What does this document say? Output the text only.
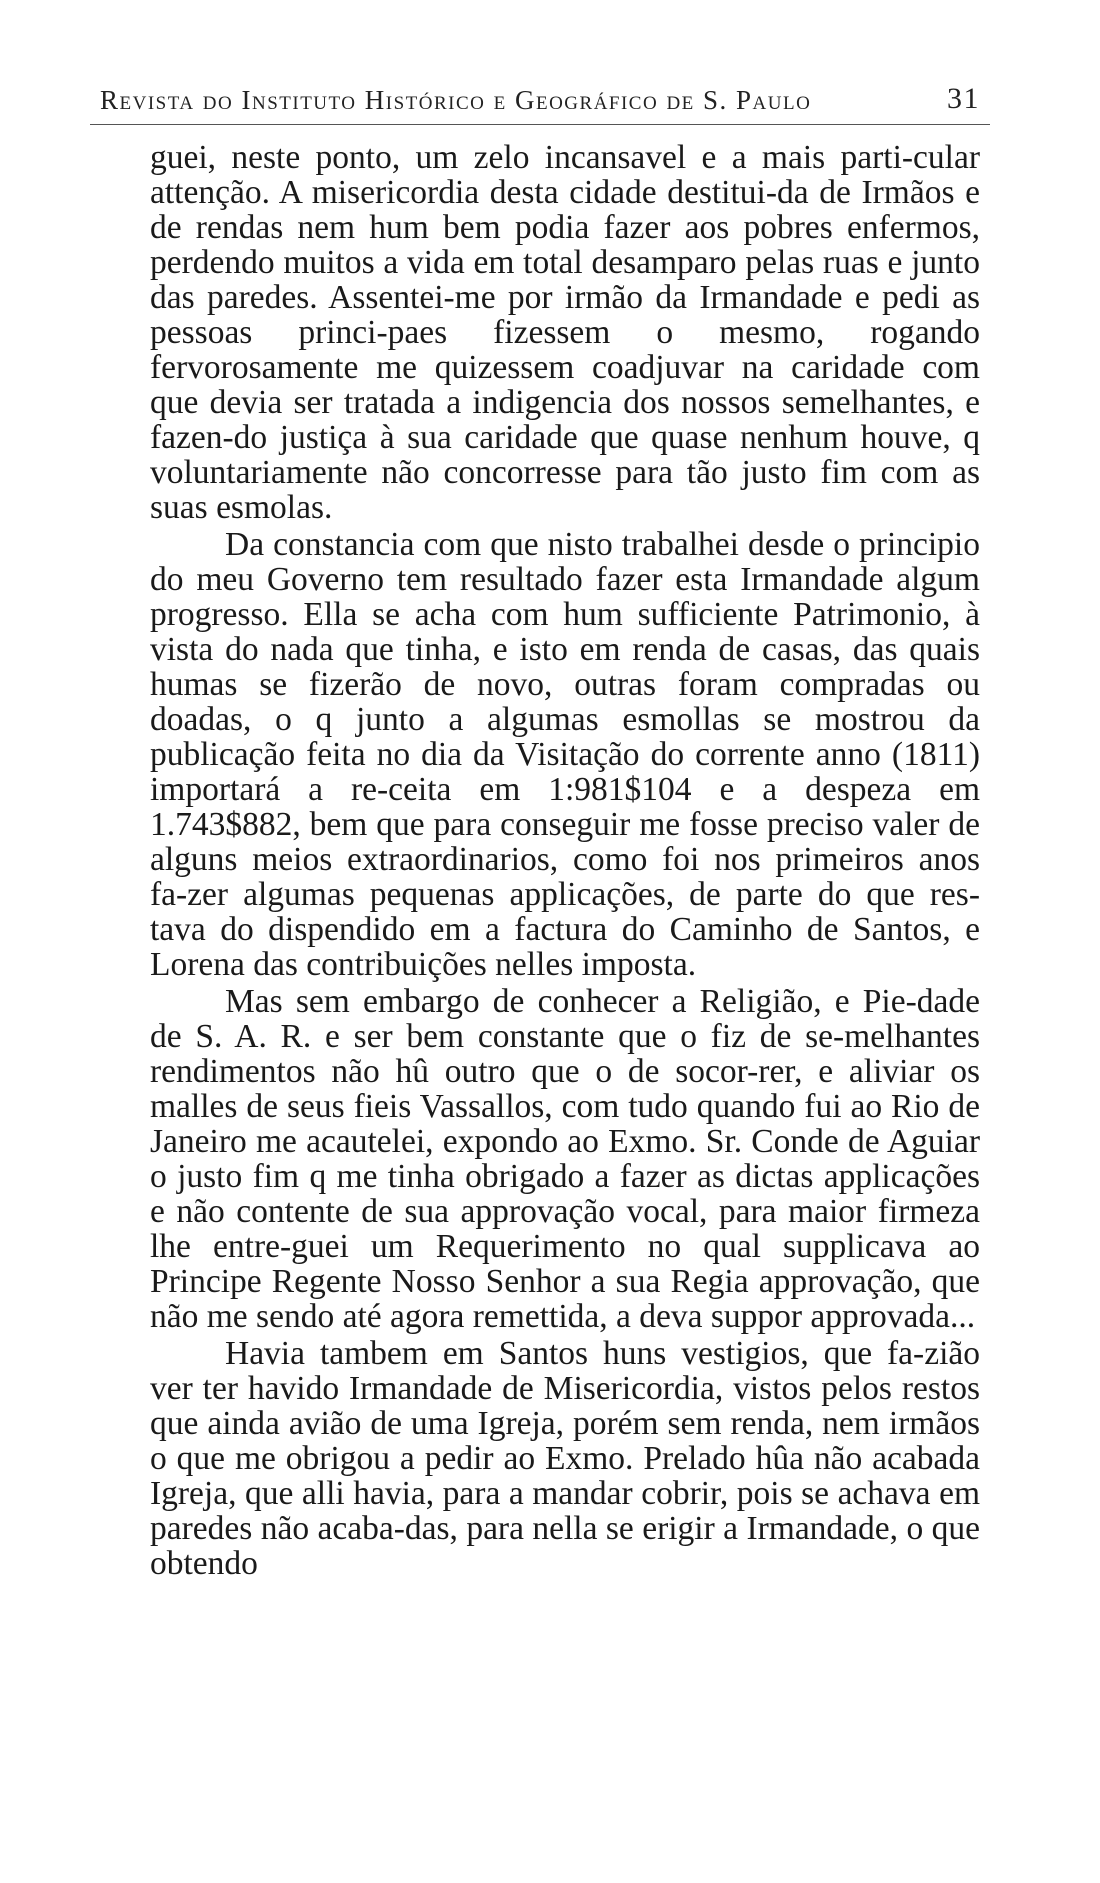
Revista do Instituto Histórico e Geográfico de S. Paulo	31

guei, neste ponto, um zelo incansavel e a mais parti-cular attenção. A misericordia desta cidade destitui-da de Irmãos e de rendas nem hum bem podia fazer aos pobres enfermos, perdendo muitos a vida em total desamparo pelas ruas e junto das paredes. Assentei-me por irmão da Irmandade e pedi as pessoas princi-paes fizessem o mesmo, rogando fervorosamente me quizessem coadjuvar na caridade com que devia ser tratada a indigencia dos nossos semelhantes, e fazen-do justiça à sua caridade que quase nenhum houve, q voluntariamente não concorresse para tão justo fim com as suas esmolas.

Da constancia com que nisto trabalhei desde o principio do meu Governo tem resultado fazer esta Irmandade algum progresso. Ella se acha com hum sufficiente Patrimonio, à vista do nada que tinha, e isto em renda de casas, das quais humas se fizerão de novo, outras foram compradas ou doadas, o q junto a algumas esmollas se mostrou da publicação feita no dia da Visitação do corrente anno (1811) importará a re-ceita em 1:981$104 e a despeza em 1.743$882, bem que para conseguir me fosse preciso valer de alguns meios extraordinarios, como foi nos primeiros anos fa-zer algumas pequenas applicações, de parte do que res-tava do dispendido em a factura do Caminho de Santos, e Lorena das contribuições nelles imposta.

Mas sem embargo de conhecer a Religião, e Pie-dade de S. A. R. e ser bem constante que o fiz de se-melhantes rendimentos não hû outro que o de socor-rer, e aliviar os malles de seus fieis Vassallos, com tudo quando fui ao Rio de Janeiro me acautelei, expondo ao Exmo. Sr. Conde de Aguiar o justo fim q me tinha obrigado a fazer as dictas applicações e não contente de sua approvação vocal, para maior firmeza lhe entre-guei um Requerimento no qual supplicava ao Principe Regente Nosso Senhor a sua Regia approvação, que não me sendo até agora remettida, a deva suppor approvada...

Havia tambem em Santos huns vestigios, que fa-zião ver ter havido Irmandade de Misericordia, vistos pelos restos que ainda avião de uma Igreja, porém sem renda, nem irmãos o que me obrigou a pedir ao Exmo. Prelado hûa não acabada Igreja, que alli havia, para a mandar cobrir, pois se achava em paredes não acaba-das, para nella se erigir a Irmandade, o que obtendo
